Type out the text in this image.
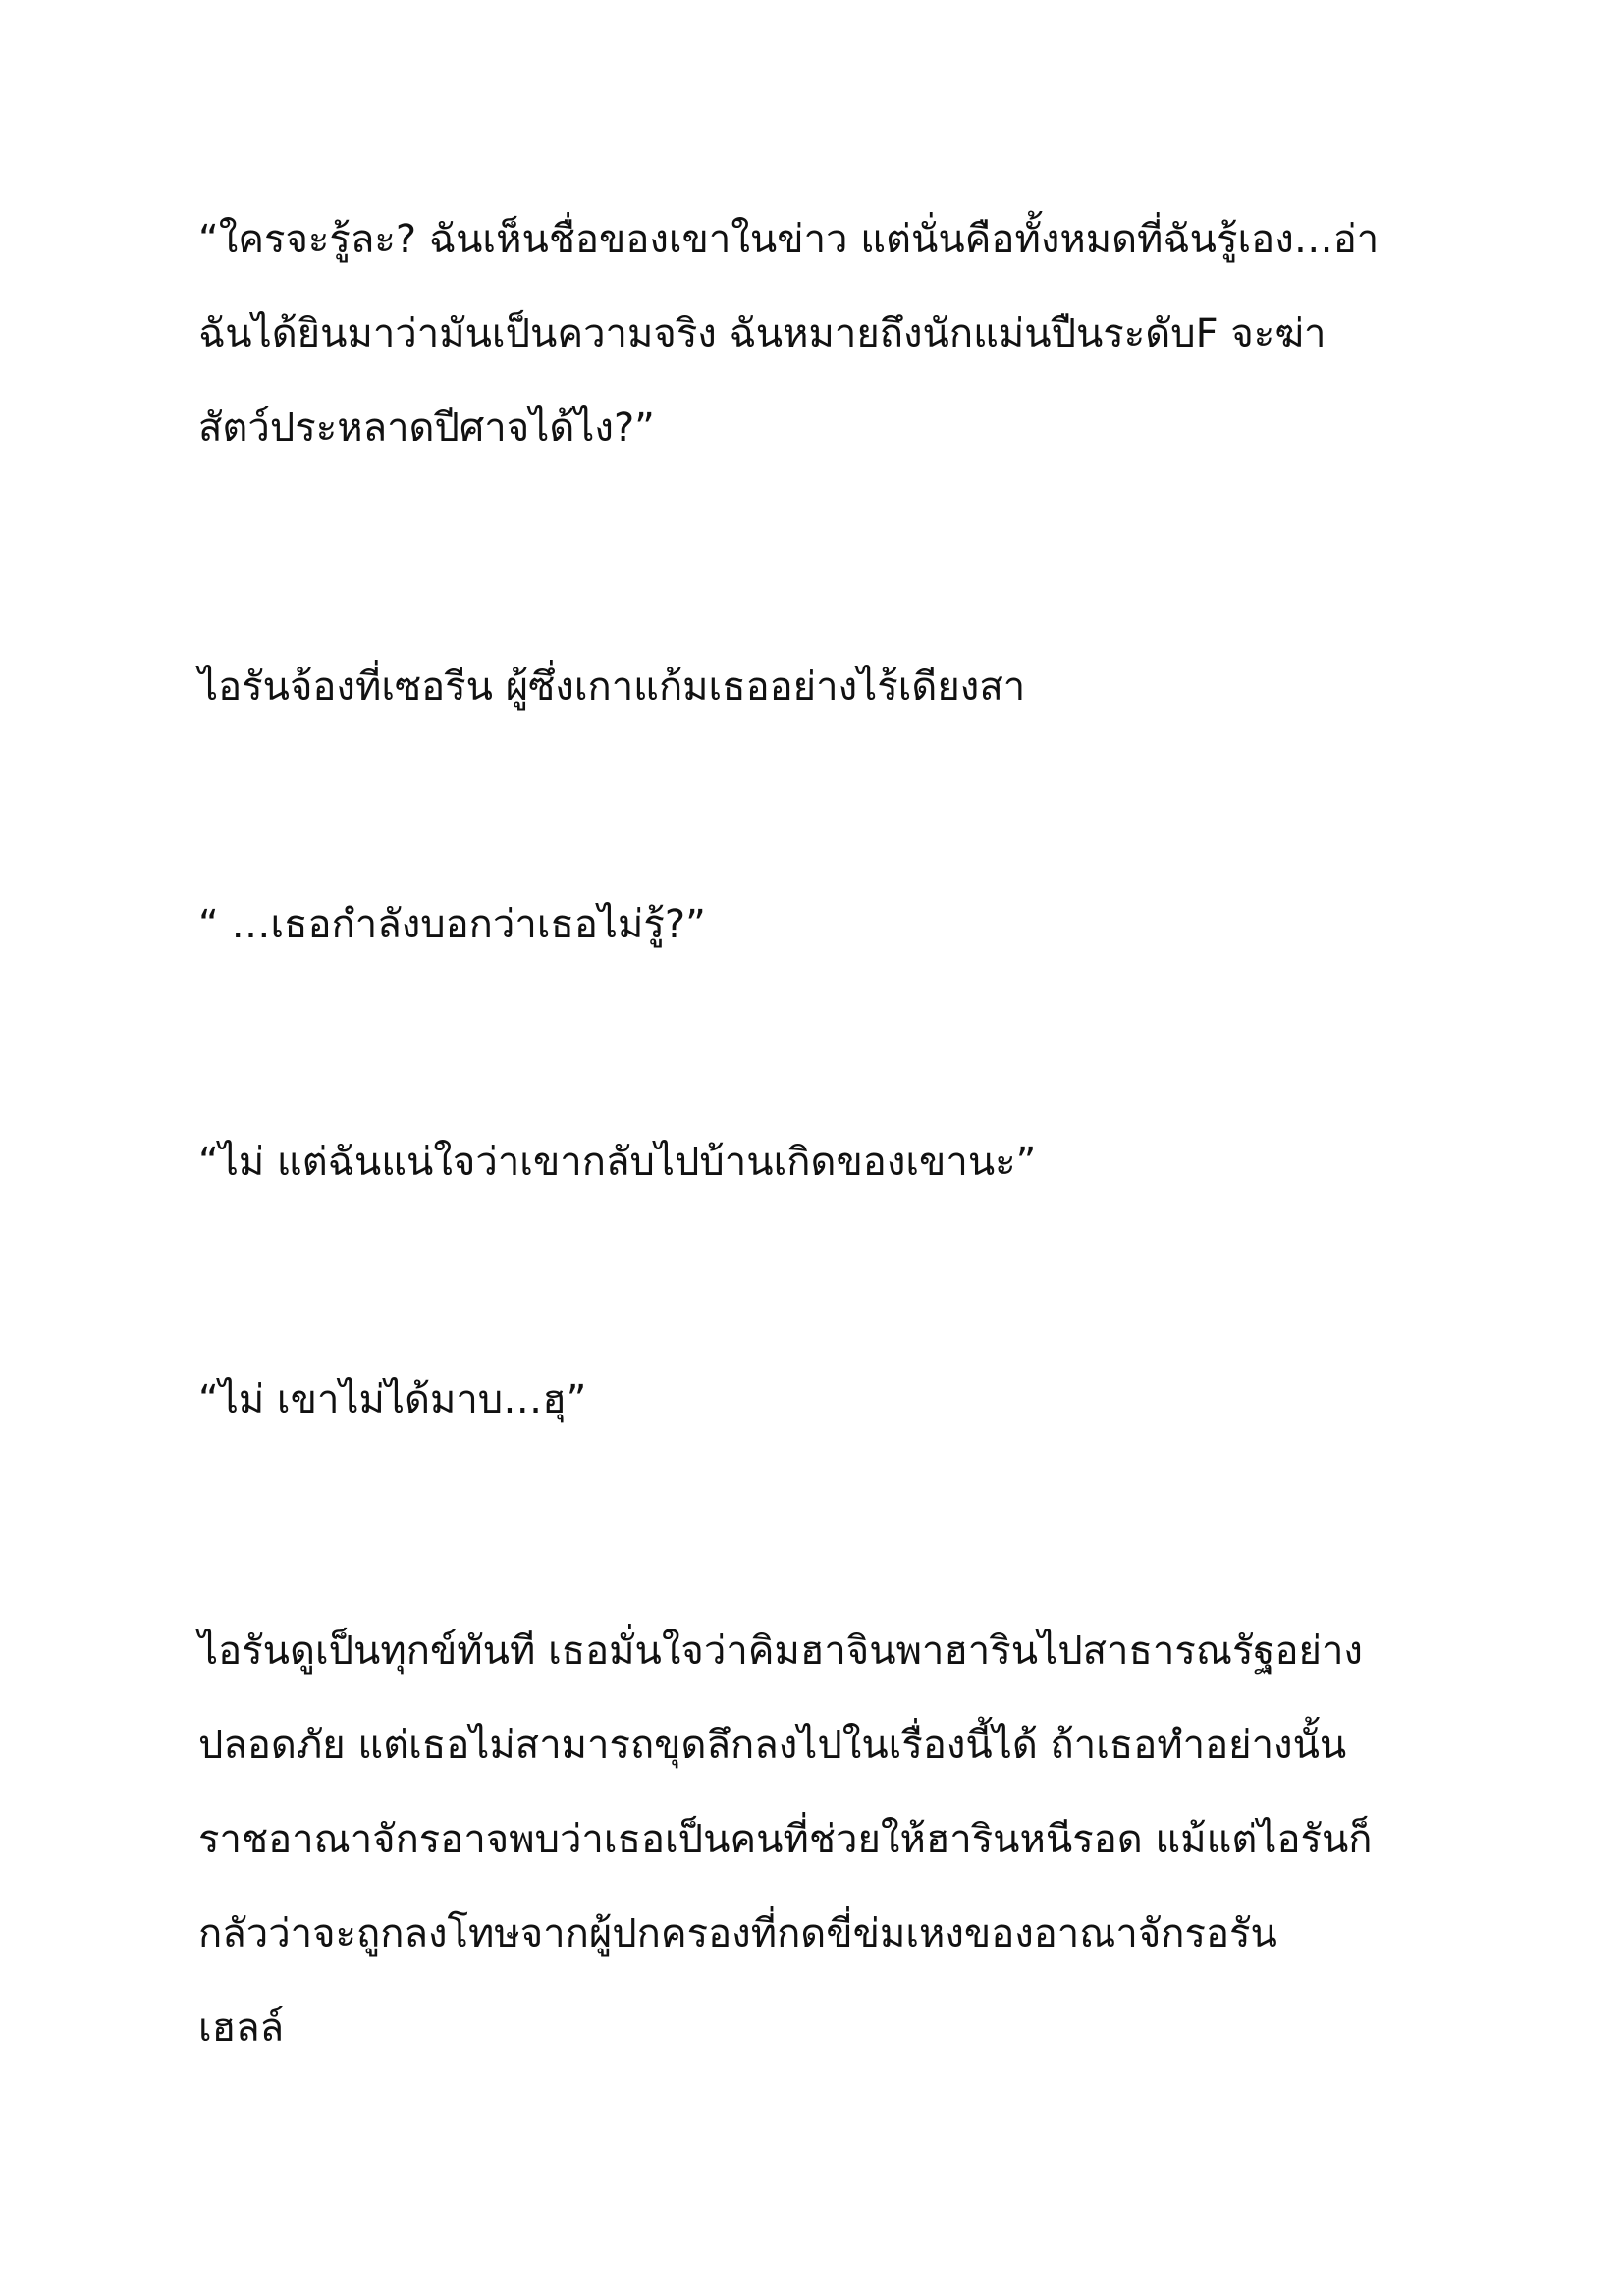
“ใครจะรู้ละ? ฉันเห็นชื่อของเขาในข่าว แต่นั่นคือทั้งหมดที่ฉันรู้เอง…อ่า
ฉันได้ยินมาว่ามันเป็นความจริง ฉันหมายถึงนักแม่นปืนระดับF จะฆ่า
สัตว์ประหลาดปีศาจได้ไง?”

ไอรันจ้องที่เซอรีน ผู้ซึ่งเกาแก้มเธออย่างไร้เดียงสา

“ …เธอกำลังบอกว่าเธอไม่รู้?”

“ไม่ แต่ฉันแน่ใจว่าเขากลับไปบ้านเกิดของเขานะ”

“ไม่ เขาไม่ได้มาบ…ฮุ”

ไอรันดูเป็นทุกข์ทันที เธอมั่นใจว่าคิมฮาจินพาฮารินไปสาธารณรัฐอย่าง
ปลอดภัย แต่เธอไม่สามารถขุดลึกลงไปในเรื่องนี้ได้ ถ้าเธอทำอย่างนั้น
ราชอาณาจักรอาจพบว่าเธอเป็นคนที่ช่วยให้ฮารินหนีรอด แม้แต่ไอรันก็
กลัวว่าจะถูกลงโทษจากผู้ปกครองที่กดขี่ข่มเหงของอาณาจักรอรัน
เฮลล์
